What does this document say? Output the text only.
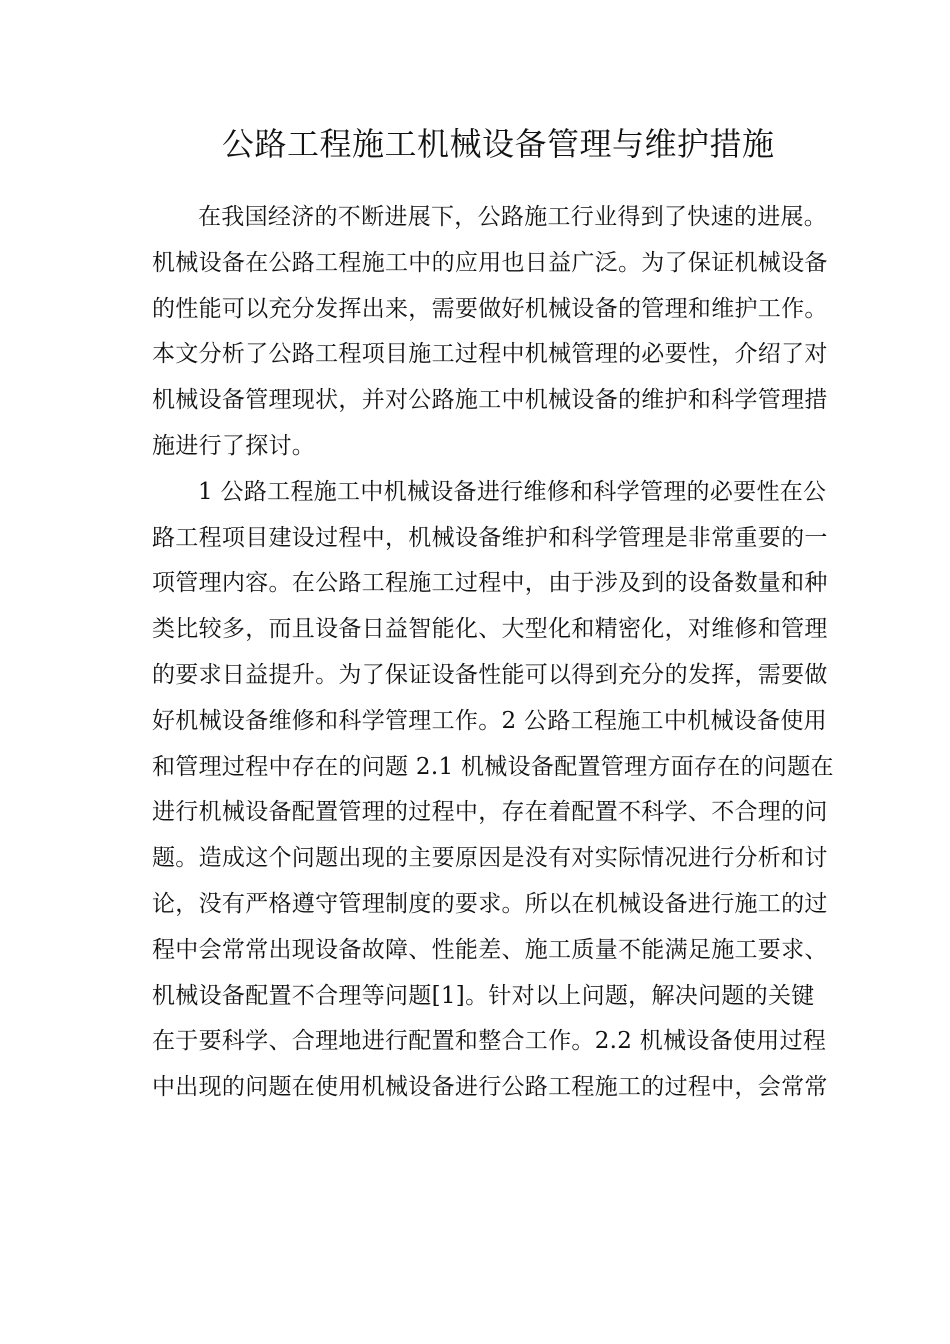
公路工程施工机械设备管理与维护措施
在我国经济的不断进展下，公路施工行业得到了快速的进展。
机械设备在公路工程施工中的应用也日益广泛。为了保证机械设备
的性能可以充分发挥出来，需要做好机械设备的管理和维护工作。
本文分析了公路工程项目施工过程中机械管理的必要性，介绍了对
机械设备管理现状，并对公路施工中机械设备的维护和科学管理措
施进行了探讨。
1 公路工程施工中机械设备进行维修和科学管理的必要性在公
路工程项目建设过程中，机械设备维护和科学管理是非常重要的一
项管理内容。在公路工程施工过程中，由于涉及到的设备数量和种
类比较多，而且设备日益智能化、大型化和精密化，对维修和管理
的要求日益提升。为了保证设备性能可以得到充分的发挥，需要做
好机械设备维修和科学管理工作。2 公路工程施工中机械设备使用
和管理过程中存在的问题 2.1 机械设备配置管理方面存在的问题在
进行机械设备配置管理的过程中，存在着配置不科学、不合理的问
题。造成这个问题出现的主要原因是没有对实际情况进行分析和讨
论，没有严格遵守管理制度的要求。所以在机械设备进行施工的过
程中会常常出现设备故障、性能差、施工质量不能满足施工要求、
机械设备配置不合理等问题[1]。针对以上问题，解决问题的关键
在于要科学、合理地进行配置和整合工作。2.2 机械设备使用过程
中出现的问题在使用机械设备进行公路工程施工的过程中，会常常
